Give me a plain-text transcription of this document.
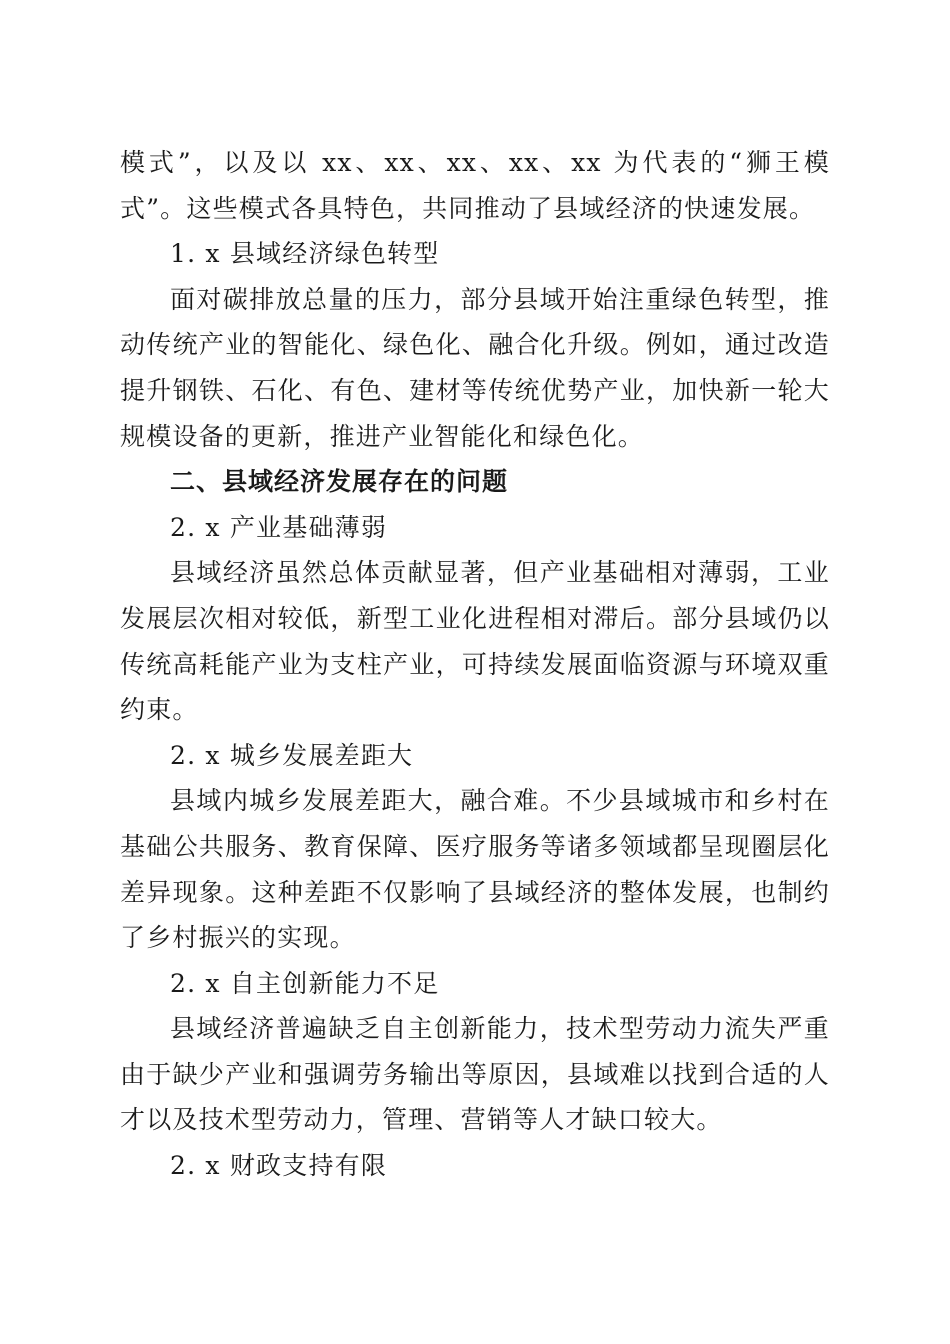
模式”，以及以 xx、xx、xx、xx、xx 为代表的“狮王模式”。这些模式各具特色，共同推动了县域经济的快速发展。

1. x 县域经济绿色转型

面对碳排放总量的压力，部分县域开始注重绿色转型，推动传统产业的智能化、绿色化、融合化升级。例如，通过改造提升钢铁、石化、有色、建材等传统优势产业，加快新一轮大规模设备的更新，推进产业智能化和绿色化。

二、县域经济发展存在的问题

2. x 产业基础薄弱

县域经济虽然总体贡献显著，但产业基础相对薄弱，工业发展层次相对较低，新型工业化进程相对滞后。部分县域仍以传统高耗能产业为支柱产业，可持续发展面临资源与环境双重约束。

2. x 城乡发展差距大

县域内城乡发展差距大，融合难。不少县域城市和乡村在基础公共服务、教育保障、医疗服务等诸多领域都呈现圈层化差异现象。这种差距不仅影响了县域经济的整体发展，也制约了乡村振兴的实现。

2. x 自主创新能力不足

县域经济普遍缺乏自主创新能力，技术型劳动力流失严重由于缺少产业和强调劳务输出等原因，县域难以找到合适的人才以及技术型劳动力，管理、营销等人才缺口较大。

2. x 财政支持有限
